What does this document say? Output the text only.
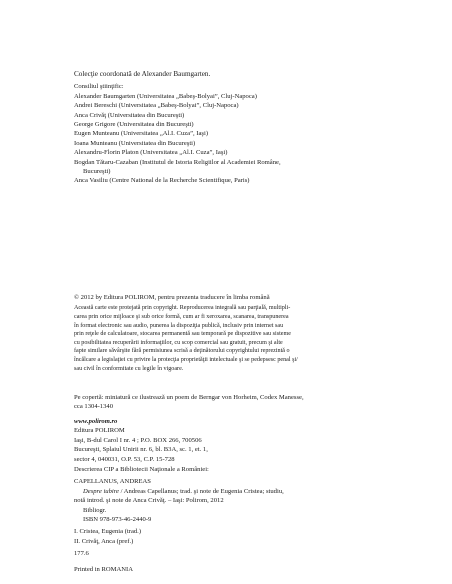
Colecţie coordonată de Alexander Baumgarten.
Consiliul ştiinţific:
Alexander Baumgarten (Universitatea „Babeş-Bolyai”, Cluj-Napoca)
Andrei Bereschi (Universitatea „Babeş-Bolyai”, Cluj-Napoca)
Anca Crivăţ (Universitatea din Bucureşti)
George Grigore (Universitatea din Bucureşti)
Eugen Munteanu (Universitatea „Al.I. Cuza”, Iaşi)
Ioana Munteanu (Universitatea din Bucureşti)
Alexandru-Florin Platon (Universitatea „Al.I. Cuza”, Iaşi)
Bogdan Tătaru-Cazaban (Institutul de Istoria Religiilor al Academiei Române,
Bucureşti)
Anca Vasiliu (Centre National de la Recherche Scientifique, Paris)
© 2012 by Editura POLIROM, pentru prezenta traducere în limba română
Această carte este protejată prin copyright. Reproducerea integrală sau parţială, multipli-
carea prin orice mijloace şi sub orice formă, cum ar fi xeroxarea, scanarea, transpunerea
în format electronic sau audio, punerea la dispoziţia publică, inclusiv prin internet sau
prin reţele de calculatoare, stocarea permanentă sau temporară pe dispozitive sau sisteme
cu posibilitatea recuperării informaţiilor, cu scop comercial sau gratuit, precum şi alte
fapte similare săvârşite fără permisiunea scrisă a deţinătorului copyrightului reprezintă o
încălcare a legislaţiei cu privire la protecţia proprietăţii intelectuale şi se pedepsesc penal şi/
sau civil în conformitate cu legile în vigoare.
Pe copertă: miniatură ce ilustrează un poem de Berngar von Horheim, Codex Manesse,
cca 1304-1340
www.polirom.ro
Editura POLIROM
Iaşi, B-dul Carol I nr. 4 ; P.O. BOX 266, 700506
Bucureşti, Splaiul Unirii nr. 6, bl. B3A, sc. 1, et. 1,
sector 4, 040031, O.P. 53, C.P. 15-728
Descrierea CIP a Bibliotecii Naţionale a României:
CAPELLANUS, ANDREAS
Despre iubire / Andreas Capellanus; trad. şi note de Eugenia Cristea; studiu,
notă introd. şi note de Anca Crivăţ. – Iaşi: Polirom, 2012
Bibliogr.
ISBN 978-973-46-2440-9
I. Cristea, Eugenia (trad.)
II. Crivăţ, Anca (pref.)
177.6
Printed in ROMANIA
